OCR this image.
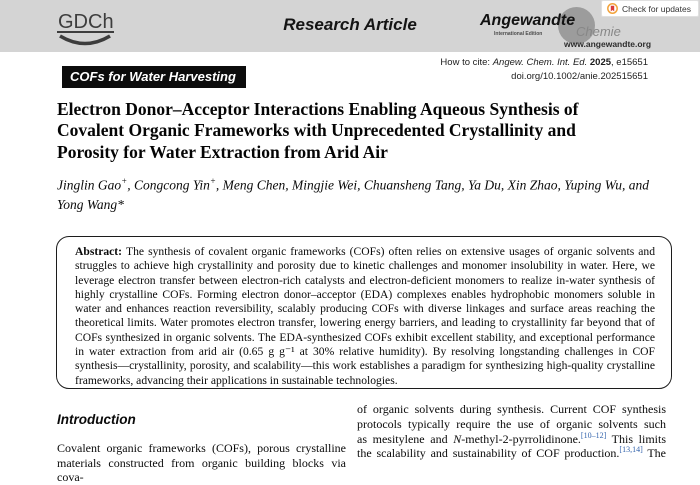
GDCh	Research Article	Angewandte
International Edition	Chemie
www.angewandte.org
Check for updates
How to cite: Angew. Chem. Int. Ed. 2025, e15651
doi.org/10.1002/anie.202515651
COFs for Water Harvesting
Electron Donor–Acceptor Interactions Enabling Aqueous Synthesis of
Covalent Organic Frameworks with Unprecedented Crystallinity and
Porosity for Water Extraction from Arid Air

Jinglin Gao+, Congcong Yin+, Meng Chen, Mingjie Wei, Chuansheng Tang, Ya Du, Xin Zhao, Yuping Wu, and Yong Wang*

Abstract: The synthesis of covalent organic frameworks (COFs) often relies on extensive usages of organic solvents and struggles to achieve high crystallinity and porosity due to kinetic challenges and monomer insolubility in water. Here, we leverage electron transfer between electron-rich catalysts and electron-deficient monomers to realize in-water synthesis of highly crystalline COFs. Forming electron donor–acceptor (EDA) complexes enables hydrophobic monomers soluble in water and enhances reaction reversibility, scalably producing COFs with diverse linkages and surface areas reaching the theoretical limits. Water promotes electron transfer, lowering energy barriers, and leading to crystallinity far beyond that of COFs synthesized in organic solvents. The EDA-synthesized COFs exhibit excellent stability, and exceptional performance in water extraction from arid air (0.65 g g⁻¹ at 30% relative humidity). By resolving longstanding challenges in COF synthesis—crystallinity, porosity, and scalability—this work establishes a paradigm for synthesizing high-quality crystalline frameworks, advancing their applications in sustainable technologies.

Introduction
Covalent organic frameworks (COFs), porous crystalline
materials constructed from organic building blocks via cova-
of organic solvents during synthesis. Current COF synthesis
protocols typically require the use of organic solvents such
as mesitylene and N-methyl-2-pyrrolidinone.[10–12] This limits
the scalability and sustainability of COF production.[13,14] The
